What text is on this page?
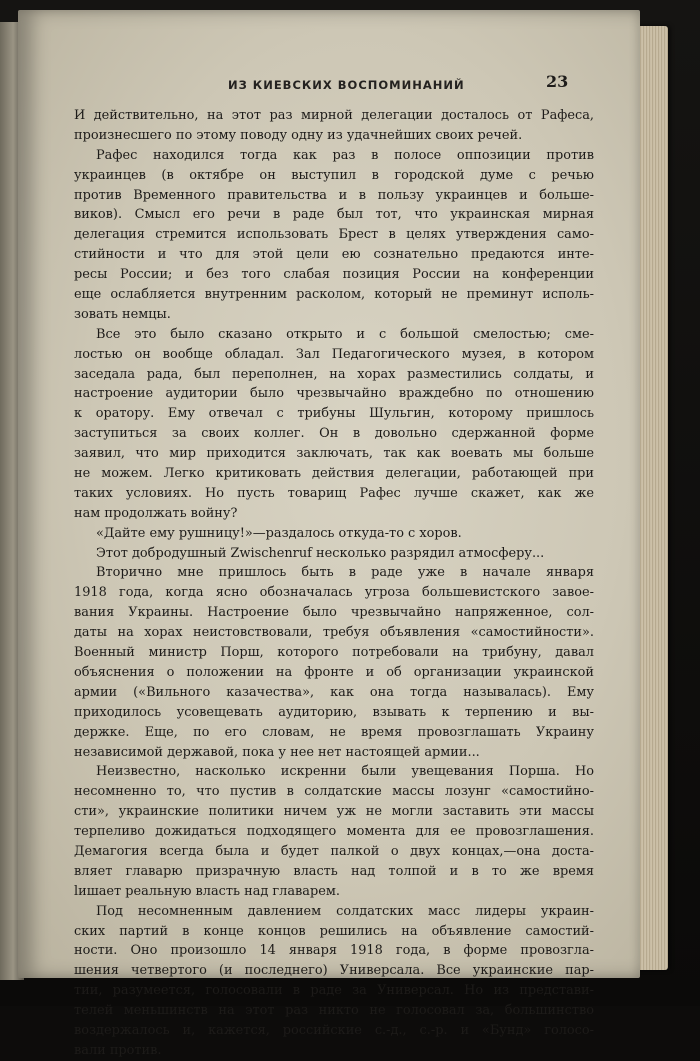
ИЗ КИЕВСКИХ ВОСПОМИНАНИЙ	23
И действительно, на этот раз мирной делегации досталось от Рафеса,
произнесшего по этому поводу одну из удачнейших своих речей.
Рафес находился тогда как раз в полосе оппозиции против
украинцев (в октябре он выступил в городской думе с речью
против Временного правительства и в пользу украинцев и больше-
виков). Смысл его речи в раде был тот, что украинская мирная
делегация стремится использовать Брест в целях утверждения само-
стийности и что для этой цели ею сознательно предаются инте-
ресы России; и без того слабая позиция России на конференции
еще ослабляется внутренним расколом, который не преминут исполь-
зовать немцы.
Все это было сказано открыто и с большой смелостью; сме-
лостью он вообще обладал. Зал Педагогического музея, в котором
заседала рада, был переполнен, на хорах разместились солдаты, и
настроение аудитории было чрезвычайно враждебно по отношению
к оратору. Ему отвечал с трибуны Шульгин, которому пришлось
заступиться за своих коллег. Он в довольно сдержанной форме
заявил, что мир приходится заключать, так как воевать мы больше
не можем. Легко критиковать действия делегации, работающей при
таких условиях. Но пусть товарищ Рафес лучше скажет, как же
нам продолжать войну?
«Дайте ему рушницу!»—раздалось откуда-то с хоров.
Этот добродушный Zwischenruf несколько разрядил атмосферу...
Вторично мне пришлось быть в раде уже в начале января
1918 года, когда ясно обозначалась угроза большевистского завое-
вания Украины. Настроение было чрезвычайно напряженное, сол-
даты на хорах неистовствовали, требуя объявления «самостийности».
Военный министр Порш, которого потребовали на трибуну, давал
объяснения о положении на фронте и об организации украинской
армии («Вильного казачества», как она тогда называлась). Ему
приходилось усовещевать аудиторию, взывать к терпению и вы-
держке. Еще, по его словам, не время провозглашать Украину
независимой державой, пока у нее нет настоящей армии...
Неизвестно, насколько искренни были увещевания Порша. Но
несомненно то, что пустив в солдатские массы лозунг «самостийно-
сти», украинские политики ничем уж не могли заставить эти массы
терпеливо дожидаться подходящего момента для ее провозглашения.
Демагогия всегда была и будет палкой о двух концах,—она доста-
вляет главарю призрачную власть над толпой и в то же время
lишает реальную власть над главарем.
Под несомненным давлением солдатских масс лидеры украин-
ских партий в конце концов решились на объявление самостий-
ности. Оно произошло 14 января 1918 года, в форме провозгла-
шения четвертого (и последнего) Универсала. Все украинские пар-
тии, разумеется, голосовали в раде за Универсал. Но из представи-
телей меньшинств на этот раз никто не голосовал за, большинство
воздержалось и, кажется, российские с.-д., с.-р. и «Бунд» голосо-
вали против.
